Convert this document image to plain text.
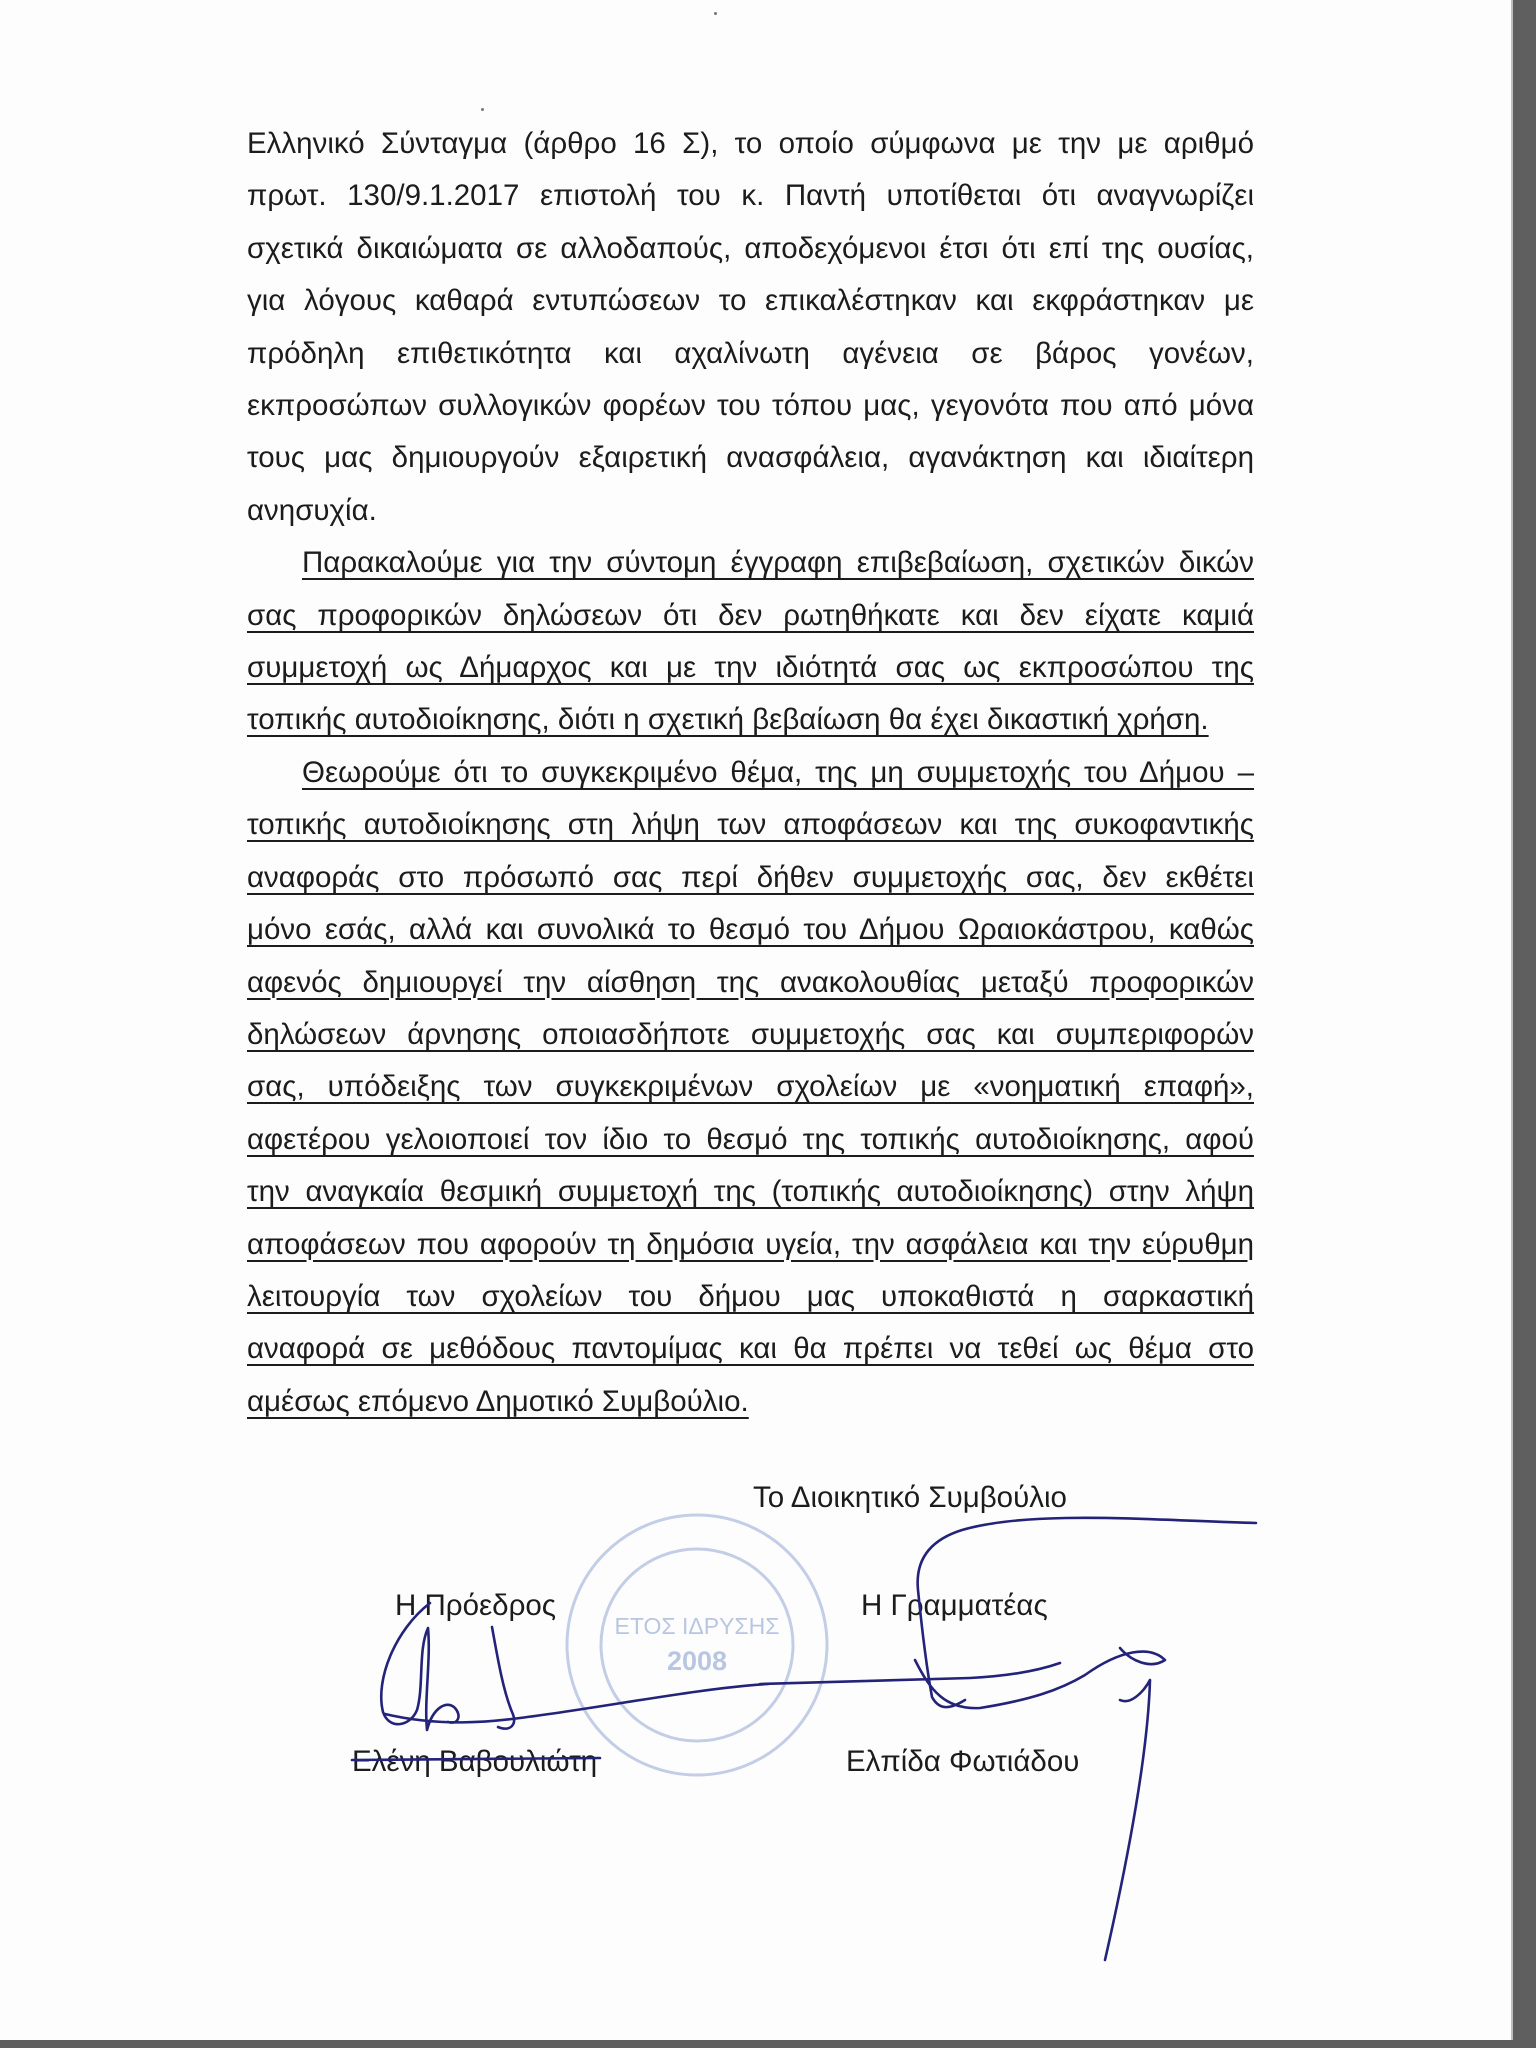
ΕΤΟΣ ΙΔΡΥΣΗΣ
2008

Ελληνικό Σύνταγμα (άρθρο 16 Σ), το οποίο σύμφωνα με την με αριθμό
πρωτ. 130/9.1.2017 επιστολή του κ. Παντή υποτίθεται ότι αναγνωρίζει
σχετικά δικαιώματα σε αλλοδαπούς, αποδεχόμενοι έτσι ότι επί της ουσίας,
για λόγους καθαρά εντυπώσεων το επικαλέστηκαν και εκφράστηκαν με
πρόδηλη επιθετικότητα και αχαλίνωτη αγένεια σε βάρος γονέων,
εκπροσώπων συλλογικών φορέων του τόπου μας, γεγονότα που από μόνα
τους μας δημιουργούν εξαιρετική ανασφάλεια, αγανάκτηση και ιδιαίτερη
ανησυχία.

Παρακαλούμε για την σύντομη έγγραφη επιβεβαίωση, σχετικών δικών
σας προφορικών δηλώσεων ότι δεν ρωτηθήκατε και δεν είχατε καμιά
συμμετοχή ως Δήμαρχος και με την ιδιότητά σας ως εκπροσώπου της
τοπικής αυτοδιοίκησης, διότι η σχετική βεβαίωση θα έχει δικαστική χρήση.

Θεωρούμε ότι το συγκεκριμένο θέμα, της μη συμμετοχής του Δήμου –
τοπικής αυτοδιοίκησης στη λήψη των αποφάσεων και της συκοφαντικής
αναφοράς στο πρόσωπό σας περί δήθεν συμμετοχής σας, δεν εκθέτει
μόνο εσάς, αλλά και συνολικά το θεσμό του Δήμου Ωραιοκάστρου, καθώς
αφενός δημιουργεί την αίσθηση της ανακολουθίας μεταξύ προφορικών
δηλώσεων άρνησης οποιασδήποτε συμμετοχής σας και συμπεριφορών
σας, υπόδειξης των συγκεκριμένων σχολείων με «νοηματική επαφή»,
αφετέρου γελοιοποιεί τον ίδιο το θεσμό της τοπικής αυτοδιοίκησης, αφού
την αναγκαία θεσμική συμμετοχή της (τοπικής αυτοδιοίκησης) στην λήψη
αποφάσεων που αφορούν τη δημόσια υγεία, την ασφάλεια και την εύρυθμη
λειτουργία των σχολείων του δήμου μας υποκαθιστά η σαρκαστική
αναφορά σε μεθόδους παντομίμας και θα πρέπει να τεθεί ως θέμα στο
αμέσως επόμενο Δημοτικό Συμβούλιο.

Το Διοικητικό Συμβούλιο
Η Πρόεδρος	Η Γραμματέας
Ελένη Βαβουλιώτη	Ελπίδα Φωτιάδου
